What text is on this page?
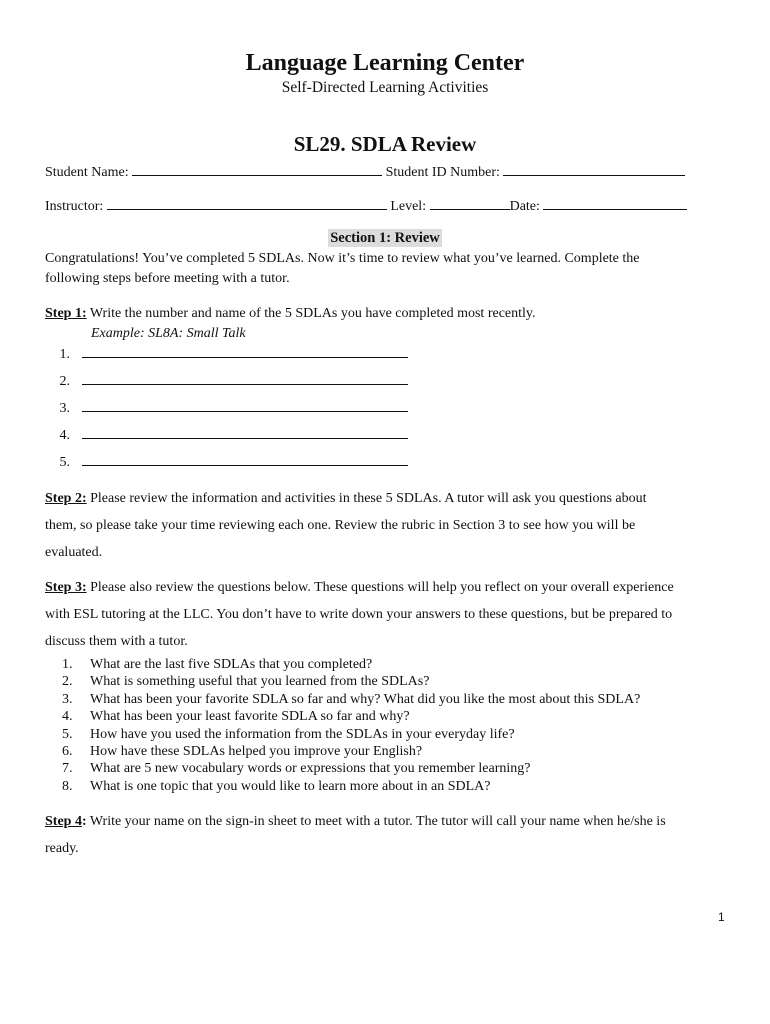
Language Learning Center
Self-Directed Learning Activities
SL29. SDLA Review
Student Name:	Student ID Number:
Instructor:	Level:	Date:
Section 1: Review
Congratulations! You’ve completed 5 SDLAs. Now it’s time to review what you’ve learned. Complete the
following steps before meeting with a tutor.
Step 1: Write the number and name of the 5 SDLAs you have completed most recently.
Example: SL8A: Small Talk
1.
2.
3.
4.
5.
Step 2: Please review the information and activities in these 5 SDLAs. A tutor will ask you questions about
them, so please take your time reviewing each one. Review the rubric in Section 3 to see how you will be
evaluated.
Step 3: Please also review the questions below. These questions will help you reflect on your overall experience
with ESL tutoring at the LLC. You don’t have to write down your answers to these questions, but be prepared to
discuss them with a tutor.
1. What are the last five SDLAs that you completed?
2. What is something useful that you learned from the SDLAs?
3. What has been your favorite SDLA so far and why? What did you like the most about this SDLA?
4. What has been your least favorite SDLA so far and why?
5. How have you used the information from the SDLAs in your everyday life?
6. How have these SDLAs helped you improve your English?
7. What are 5 new vocabulary words or expressions that you remember learning?
8. What is one topic that you would like to learn more about in an SDLA?
Step 4: Write your name on the sign-in sheet to meet with a tutor. The tutor will call your name when he/she is
ready.
1
